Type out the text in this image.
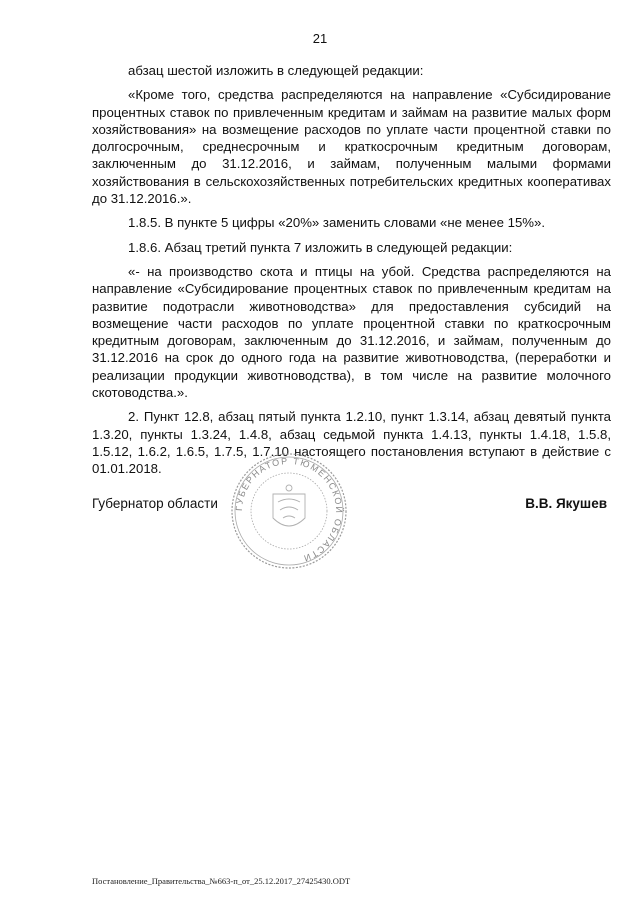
21

абзац шестой изложить в следующей редакции:

«Кроме того, средства распределяются на направление «Субсидирование процентных ставок по привлеченным кредитам и займам на развитие малых форм хозяйствования» на возмещение расходов по уплате части процентной ставки по долгосрочным, среднесрочным и краткосрочным кредитным договорам, заключенным до 31.12.2016, и займам, полученным малыми формами хозяйствования в сельскохозяйственных потребительских кредитных кооперативах до 31.12.2016.».

1.8.5. В пункте 5 цифры «20%» заменить словами «не менее 15%».

1.8.6. Абзац третий пункта 7 изложить в следующей редакции:

«- на производство скота и птицы на убой. Средства распределяются на направление «Субсидирование процентных ставок по привлеченным кредитам на развитие подотрасли животноводства» для предоставления субсидий на возмещение части расходов по уплате процентной ставки по краткосрочным кредитным договорам, заключенным до 31.12.2016, и займам, полученным до 31.12.2016 на срок до одного года на развитие животноводства, (переработки и реализации продукции животноводства), в том числе на развитие молочного скотоводства.».

2. Пункт 12.8, абзац пятый пункта 1.2.10, пункт 1.3.14, абзац девятый пункта 1.3.20, пункты 1.3.24, 1.4.8, абзац седьмой пункта 1.4.13, пункты 1.4.18, 1.5.8, 1.5.12, 1.6.2, 1.6.5, 1.7.5, 1.7.10 настоящего постановления вступают в действие с 01.01.2018.

Губернатор области	В.В. Якушев
ГУБЕРНАТОР ТЮМЕНСКОЙ ОБЛАСТИ
Постановление_Правительства_№663-п_от_25.12.2017_27425430.ODT
